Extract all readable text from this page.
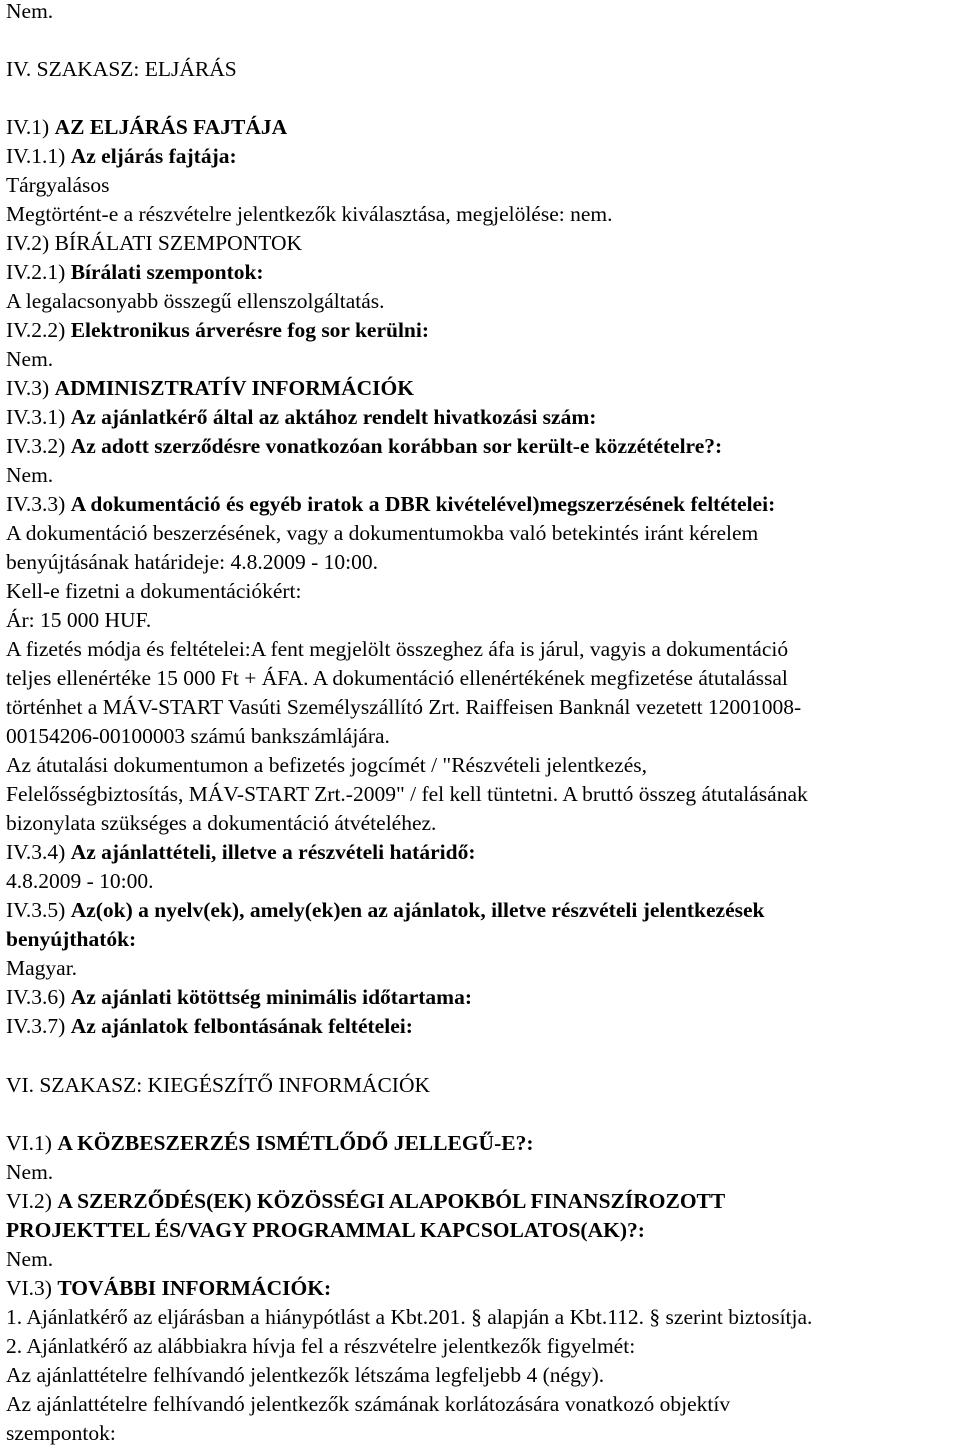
Nem.
IV. SZAKASZ: ELJÁRÁS
IV.1) AZ ELJÁRÁS FAJTÁJA
IV.1.1) Az eljárás fajtája:
Tárgyalásos
Megtörtént-e a részvételre jelentkezők kiválasztása, megjelölése: nem.
IV.2) BÍRÁLATI SZEMPONTOK
IV.2.1) Bírálati szempontok:
A legalacsonyabb összegű ellenszolgáltatás.
IV.2.2) Elektronikus árverésre fog sor kerülni:
Nem.
IV.3) ADMINISZTRATÍV INFORMÁCIÓK
IV.3.1) Az ajánlatkérő által az aktához rendelt hivatkozási szám:
IV.3.2) Az adott szerződésre vonatkozóan korábban sor került-e közzétételre?:
Nem.
IV.3.3) A dokumentáció és egyéb iratok a DBR kivételével)megszerzésének feltételei:
A dokumentáció beszerzésének, vagy a dokumentumokba való betekintés iránt kérelem
benyújtásának határideje: 4.8.2009 - 10:00.
Kell-e fizetni a dokumentációkért:
Ár: 15 000 HUF.
A fizetés módja és feltételei:A fent megjelölt összeghez áfa is járul, vagyis a dokumentáció
teljes ellenértéke 15 000 Ft + ÁFA. A dokumentáció ellenértékének megfizetése átutalással
történhet a MÁV-START Vasúti Személyszállító Zrt. Raiffeisen Banknál vezetett 12001008-
00154206-00100003 számú bankszámlájára.
Az átutalási dokumentumon a befizetés jogcímét / "Részvételi jelentkezés,
Felelősségbiztosítás, MÁV-START Zrt.-2009" / fel kell tüntetni. A bruttó összeg átutalásának
bizonylata szükséges a dokumentáció átvételéhez.
IV.3.4) Az ajánlattételi, illetve a részvételi határidő:
4.8.2009 - 10:00.
IV.3.5) Az(ok) a nyelv(ek), amely(ek)en az ajánlatok, illetve részvételi jelentkezések
benyújthatók:
Magyar.
IV.3.6) Az ajánlati kötöttség minimális időtartama:
IV.3.7) Az ajánlatok felbontásának feltételei:
VI. SZAKASZ: KIEGÉSZÍTŐ INFORMÁCIÓK
VI.1) A KÖZBESZERZÉS ISMÉTLŐDŐ JELLEGŰ-E?:
Nem.
VI.2) A SZERZŐDÉS(EK) KÖZÖSSÉGI ALAPOKBÓL FINANSZÍROZOTT
PROJEKTTEL ÉS/VAGY PROGRAMMAL KAPCSOLATOS(AK)?:
Nem.
VI.3) TOVÁBBI INFORMÁCIÓK:
1. Ajánlatkérő az eljárásban a hiánypótlást a Kbt.201. § alapján a Kbt.112. § szerint biztosítja.
2. Ajánlatkérő az alábbiakra hívja fel a részvételre jelentkezők figyelmét:
Az ajánlattételre felhívandó jelentkezők létszáma legfeljebb 4 (négy).
Az ajánlattételre felhívandó jelentkezők számának korlátozására vonatkozó objektív
szempontok:
